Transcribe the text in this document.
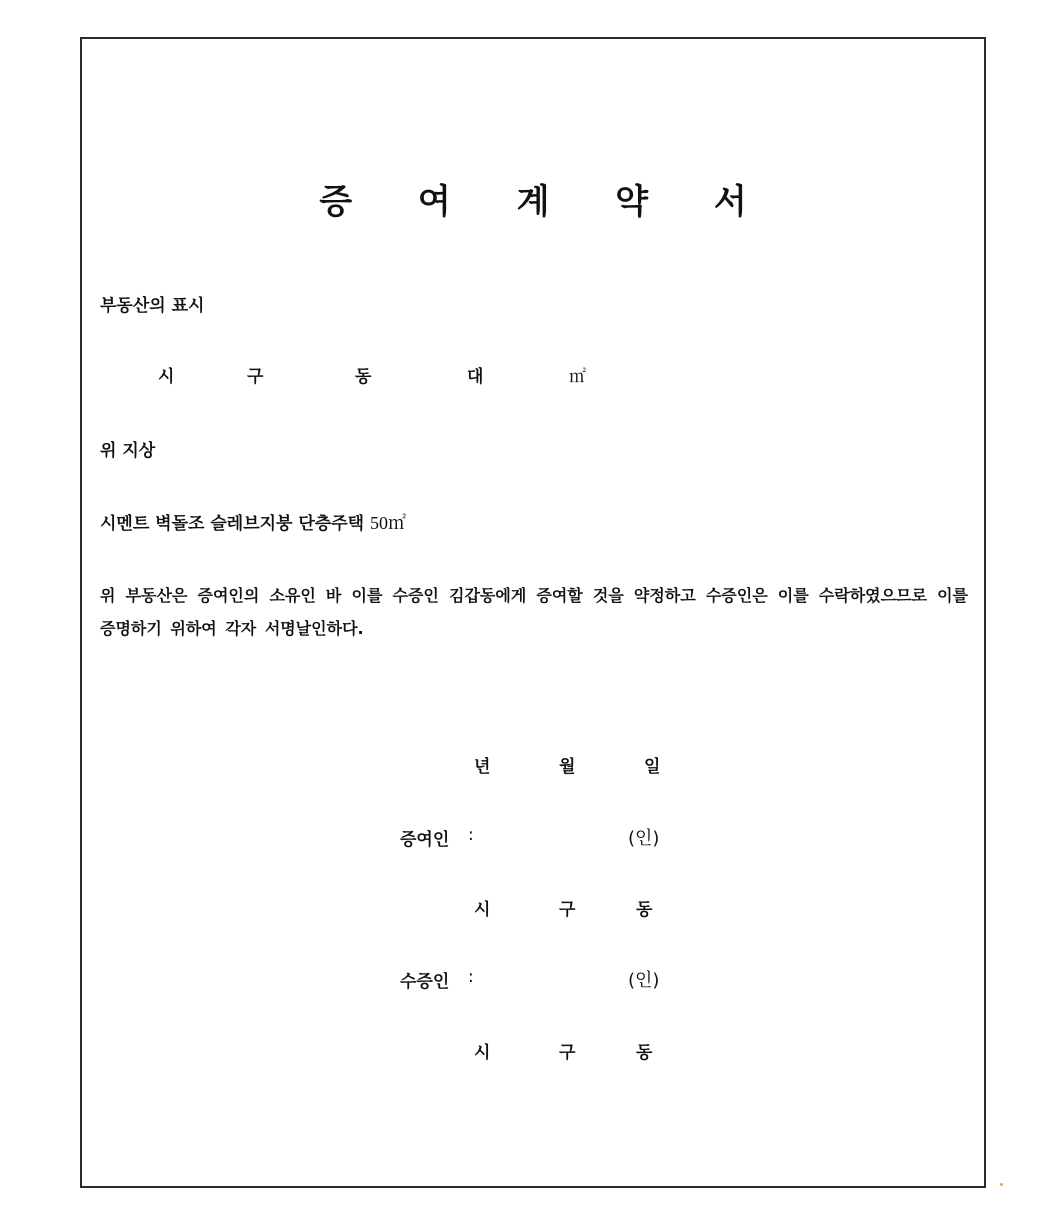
증 여 계 약 서
부동산의 표시
시	구	동	대	㎡
위 지상
시멘트 벽돌조 슬레브지붕 단층주택 50㎡
위 부동산은 증여인의 소유인 바 이를 수증인 김갑동에게 증여할 것을 약정하고 수증인은 이를 수락하였으므로 이를 증명하기 위하여 각자 서명날인하다.
년	월	일
증여인 :	(인)
시	구	동
수증인 :	(인)
시	구	동
